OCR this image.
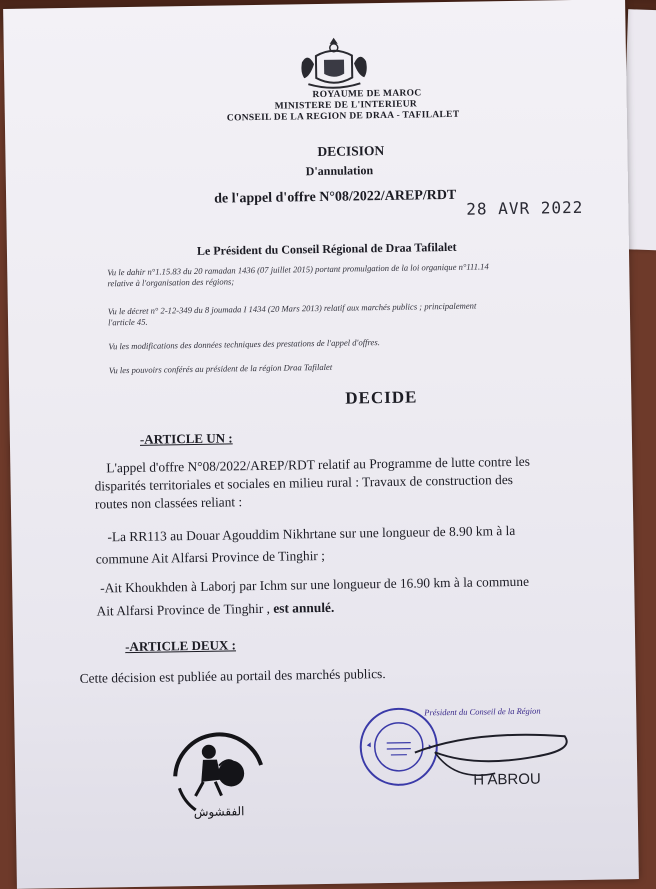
ROYAUME DE MAROC
MINISTERE DE L'INTERIEUR
CONSEIL DE LA REGION DE DRAA - TAFILALET
DECISION
D'annulation
de l'appel d'offre N°08/2022/AREP/RDT
28 AVR 2022
Le Président du Conseil Régional de Draa Tafilalet
Vu le dahir n°1.15.83 du 20 ramadan 1436 (07 juillet 2015) portant promulgation de la loi organique n°111.14
relative à l'organisation des régions;
Vu le décret n° 2-12-349 du 8 joumada I 1434 (20 Mars 2013) relatif aux marchés publics ; principalement
l'article 45.
Vu les modifications des données techniques des prestations de l'appel d'offres.
Vu les pouvoirs conférés au président de la région Draa Tafilalet
DECIDE
-ARTICLE UN :
L'appel d'offre N°08/2022/AREP/RDT relatif au Programme de lutte contre les
disparités territoriales et sociales en milieu rural : Travaux de construction des
routes non classées reliant :
-La RR113 au Douar Agouddim Nikhrtane sur une longueur de 8.90 km à la
commune Ait Alfarsi Province de Tinghir ;
-Ait Khoukhden à Laborj par Ichm sur une longueur de 16.90 km à la commune
Ait Alfarsi Province de Tinghir , est annulé.
-ARTICLE DEUX :
Cette décision est publiée au portail des marchés publics.
الفقشوش
Président du Conseil de la Région
H ABROU
